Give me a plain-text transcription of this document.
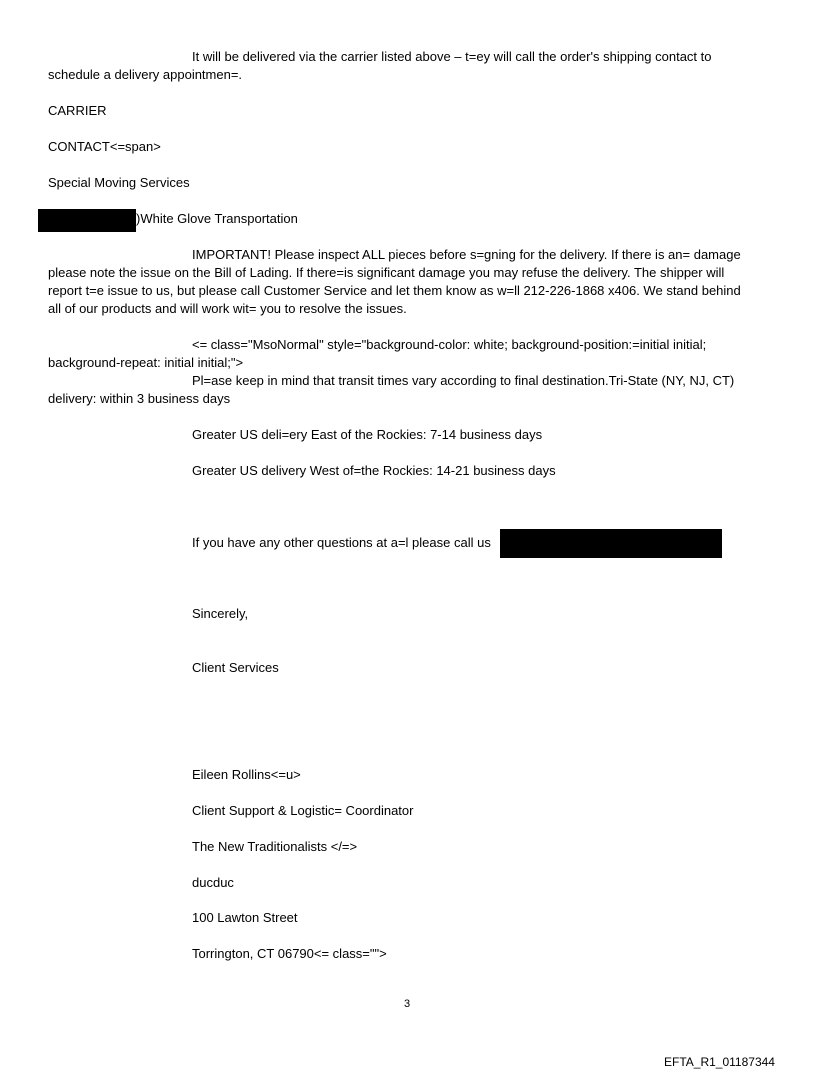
It will be delivered via the carrier listed above – t=ey will call the order's shipping contact to
schedule a delivery appointmen=.
CARRIER
CONTACT<=span>
Special Moving Services
)White Glove Transportation
IMPORTANT! Please inspect ALL pieces before s=gning for the delivery. If there is an= damage
please note the issue on the Bill of Lading. If there=is significant damage you may refuse the delivery. The shipper will
report t=e issue to us, but please call Customer Service and let them know as w=ll 212-226-1868 x406. We stand behind
all of our products and will work wit= you to resolve the issues.
<= class="MsoNormal" style="background-color: white; background-position:=initial initial;
background-repeat: initial initial;">
Pl=ase keep in mind that transit times vary according to final destination.Tri-State (NY, NJ, CT)
delivery: within 3 business days
Greater US deli=ery East of the Rockies: 7-14 business days
Greater US delivery West of=the Rockies: 14-21 business days
If you have any other questions at a=l please call us
Sincerely,
Client Services
Eileen Rollins<=u>
Client Support & Logistic= Coordinator
The New Traditionalists </=>
ducduc
100 Lawton Street
Torrington, CT 06790<= class="">
3
EFTA_R1_01187344
